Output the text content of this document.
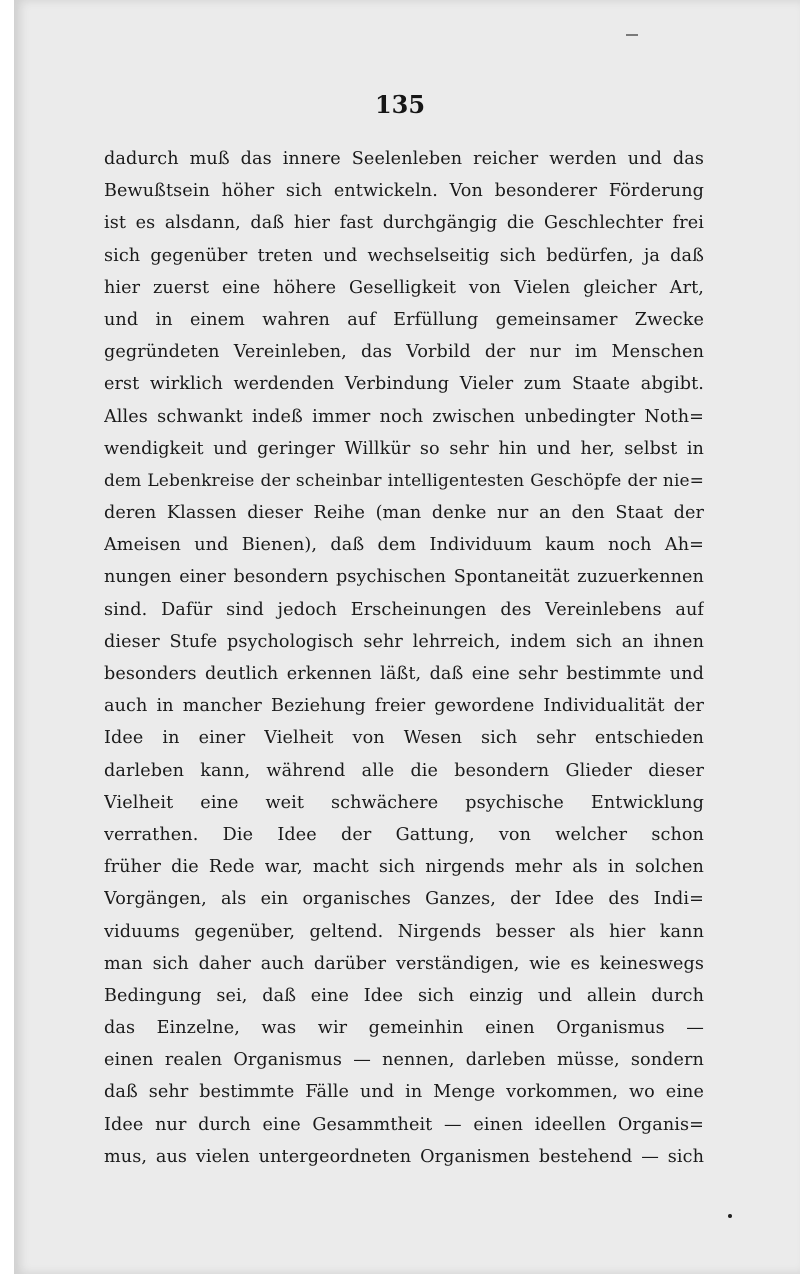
135
dadurch muß das innere Seelenleben reicher werden und das
Bewußtsein höher sich entwickeln. Von besonderer Förderung
ist es alsdann, daß hier fast durchgängig die Geschlechter frei
sich gegenüber treten und wechselseitig sich bedürfen, ja daß
hier zuerst eine höhere Geselligkeit von Vielen gleicher Art,
und in einem wahren auf Erfüllung gemeinsamer Zwecke
gegründeten Vereinleben, das Vorbild der nur im Menschen
erst wirklich werdenden Verbindung Vieler zum Staate abgibt.
Alles schwankt indeß immer noch zwischen unbedingter Noth=
wendigkeit und geringer Willkür so sehr hin und her, selbst in
dem Lebenkreise der scheinbar intelligentesten Geschöpfe der nie=
deren Klassen dieser Reihe (man denke nur an den Staat der
Ameisen und Bienen), daß dem Individuum kaum noch Ah=
nungen einer besondern psychischen Spontaneität zuzuerkennen
sind. Dafür sind jedoch Erscheinungen des Vereinlebens auf
dieser Stufe psychologisch sehr lehrreich, indem sich an ihnen
besonders deutlich erkennen läßt, daß eine sehr bestimmte und
auch in mancher Beziehung freier gewordene Individualität der
Idee in einer Vielheit von Wesen sich sehr entschieden
darleben kann, während alle die besondern Glieder dieser
Vielheit eine weit schwächere psychische Entwicklung
verrathen. Die Idee der Gattung, von welcher schon
früher die Rede war, macht sich nirgends mehr als in solchen
Vorgängen, als ein organisches Ganzes, der Idee des Indi=
viduums gegenüber, geltend. Nirgends besser als hier kann
man sich daher auch darüber verständigen, wie es keineswegs
Bedingung sei, daß eine Idee sich einzig und allein durch
das Einzelne, was wir gemeinhin einen Organismus —
einen realen Organismus — nennen, darleben müsse, sondern
daß sehr bestimmte Fälle und in Menge vorkommen, wo eine
Idee nur durch eine Gesammtheit — einen ideellen Organis=
mus, aus vielen untergeordneten Organismen bestehend — sich
